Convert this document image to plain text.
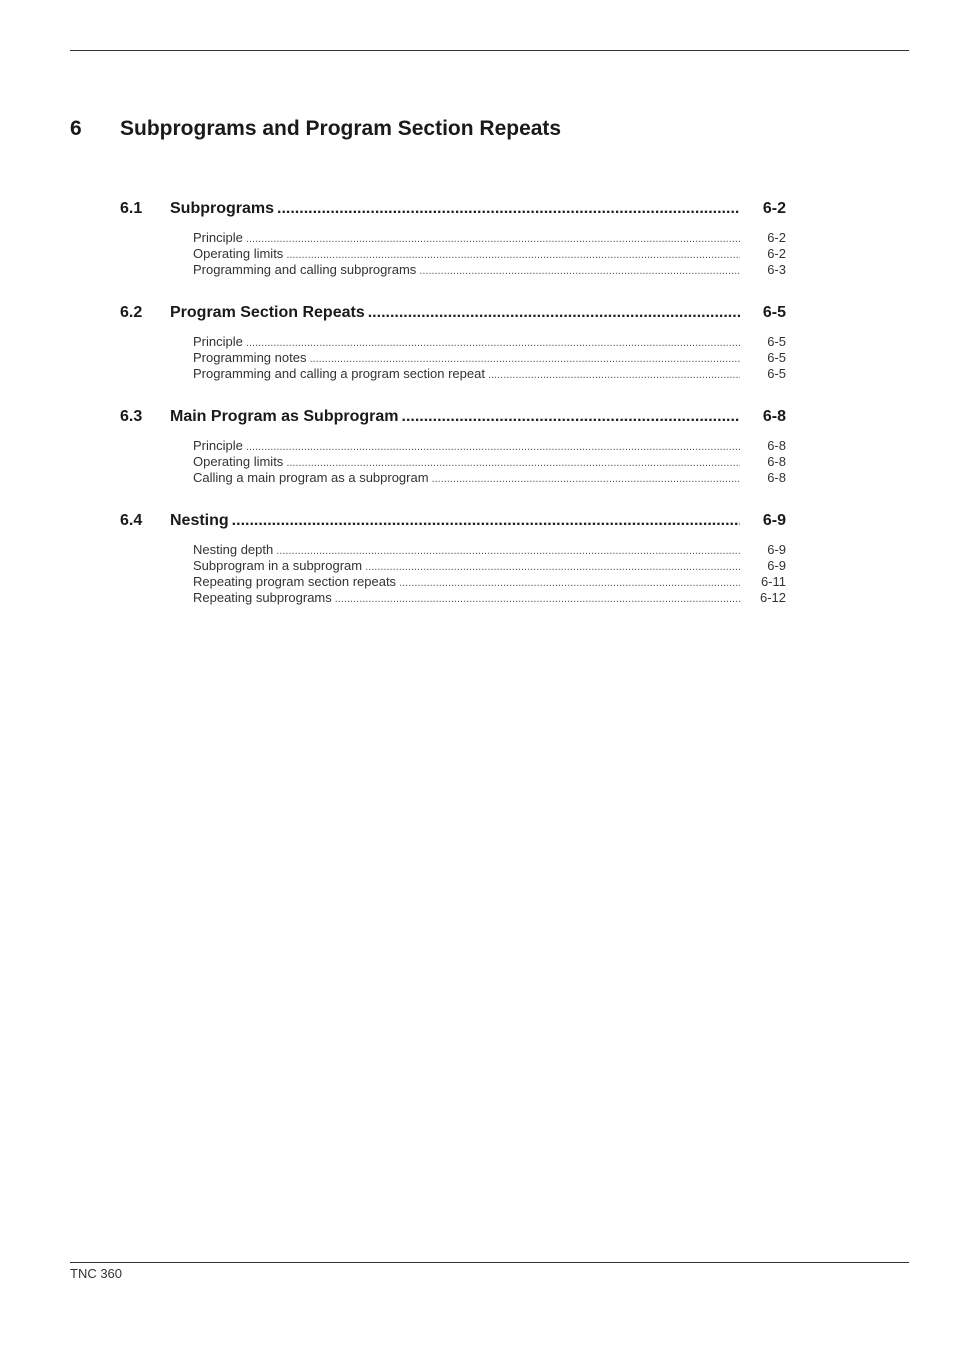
6 Subprograms and Program Section Repeats
6.1	Subprograms .....	6-2
Principle .....	6-2
Operating limits .....	6-2
Programming and calling subprograms .....	6-3
6.2	Program Section Repeats .....	6-5
Principle .....	6-5
Programming notes .....	6-5
Programming and calling a program section repeat .....	6-5
6.3	Main Program as Subprogram .....	6-8
Principle .....	6-8
Operating limits .....	6-8
Calling a main program as a subprogram .....	6-8
6.4	Nesting .....	6-9
Nesting depth .....	6-9
Subprogram in a subprogram .....	6-9
Repeating program section repeats .....	6-11
Repeating subprograms .....	6-12
TNC 360
